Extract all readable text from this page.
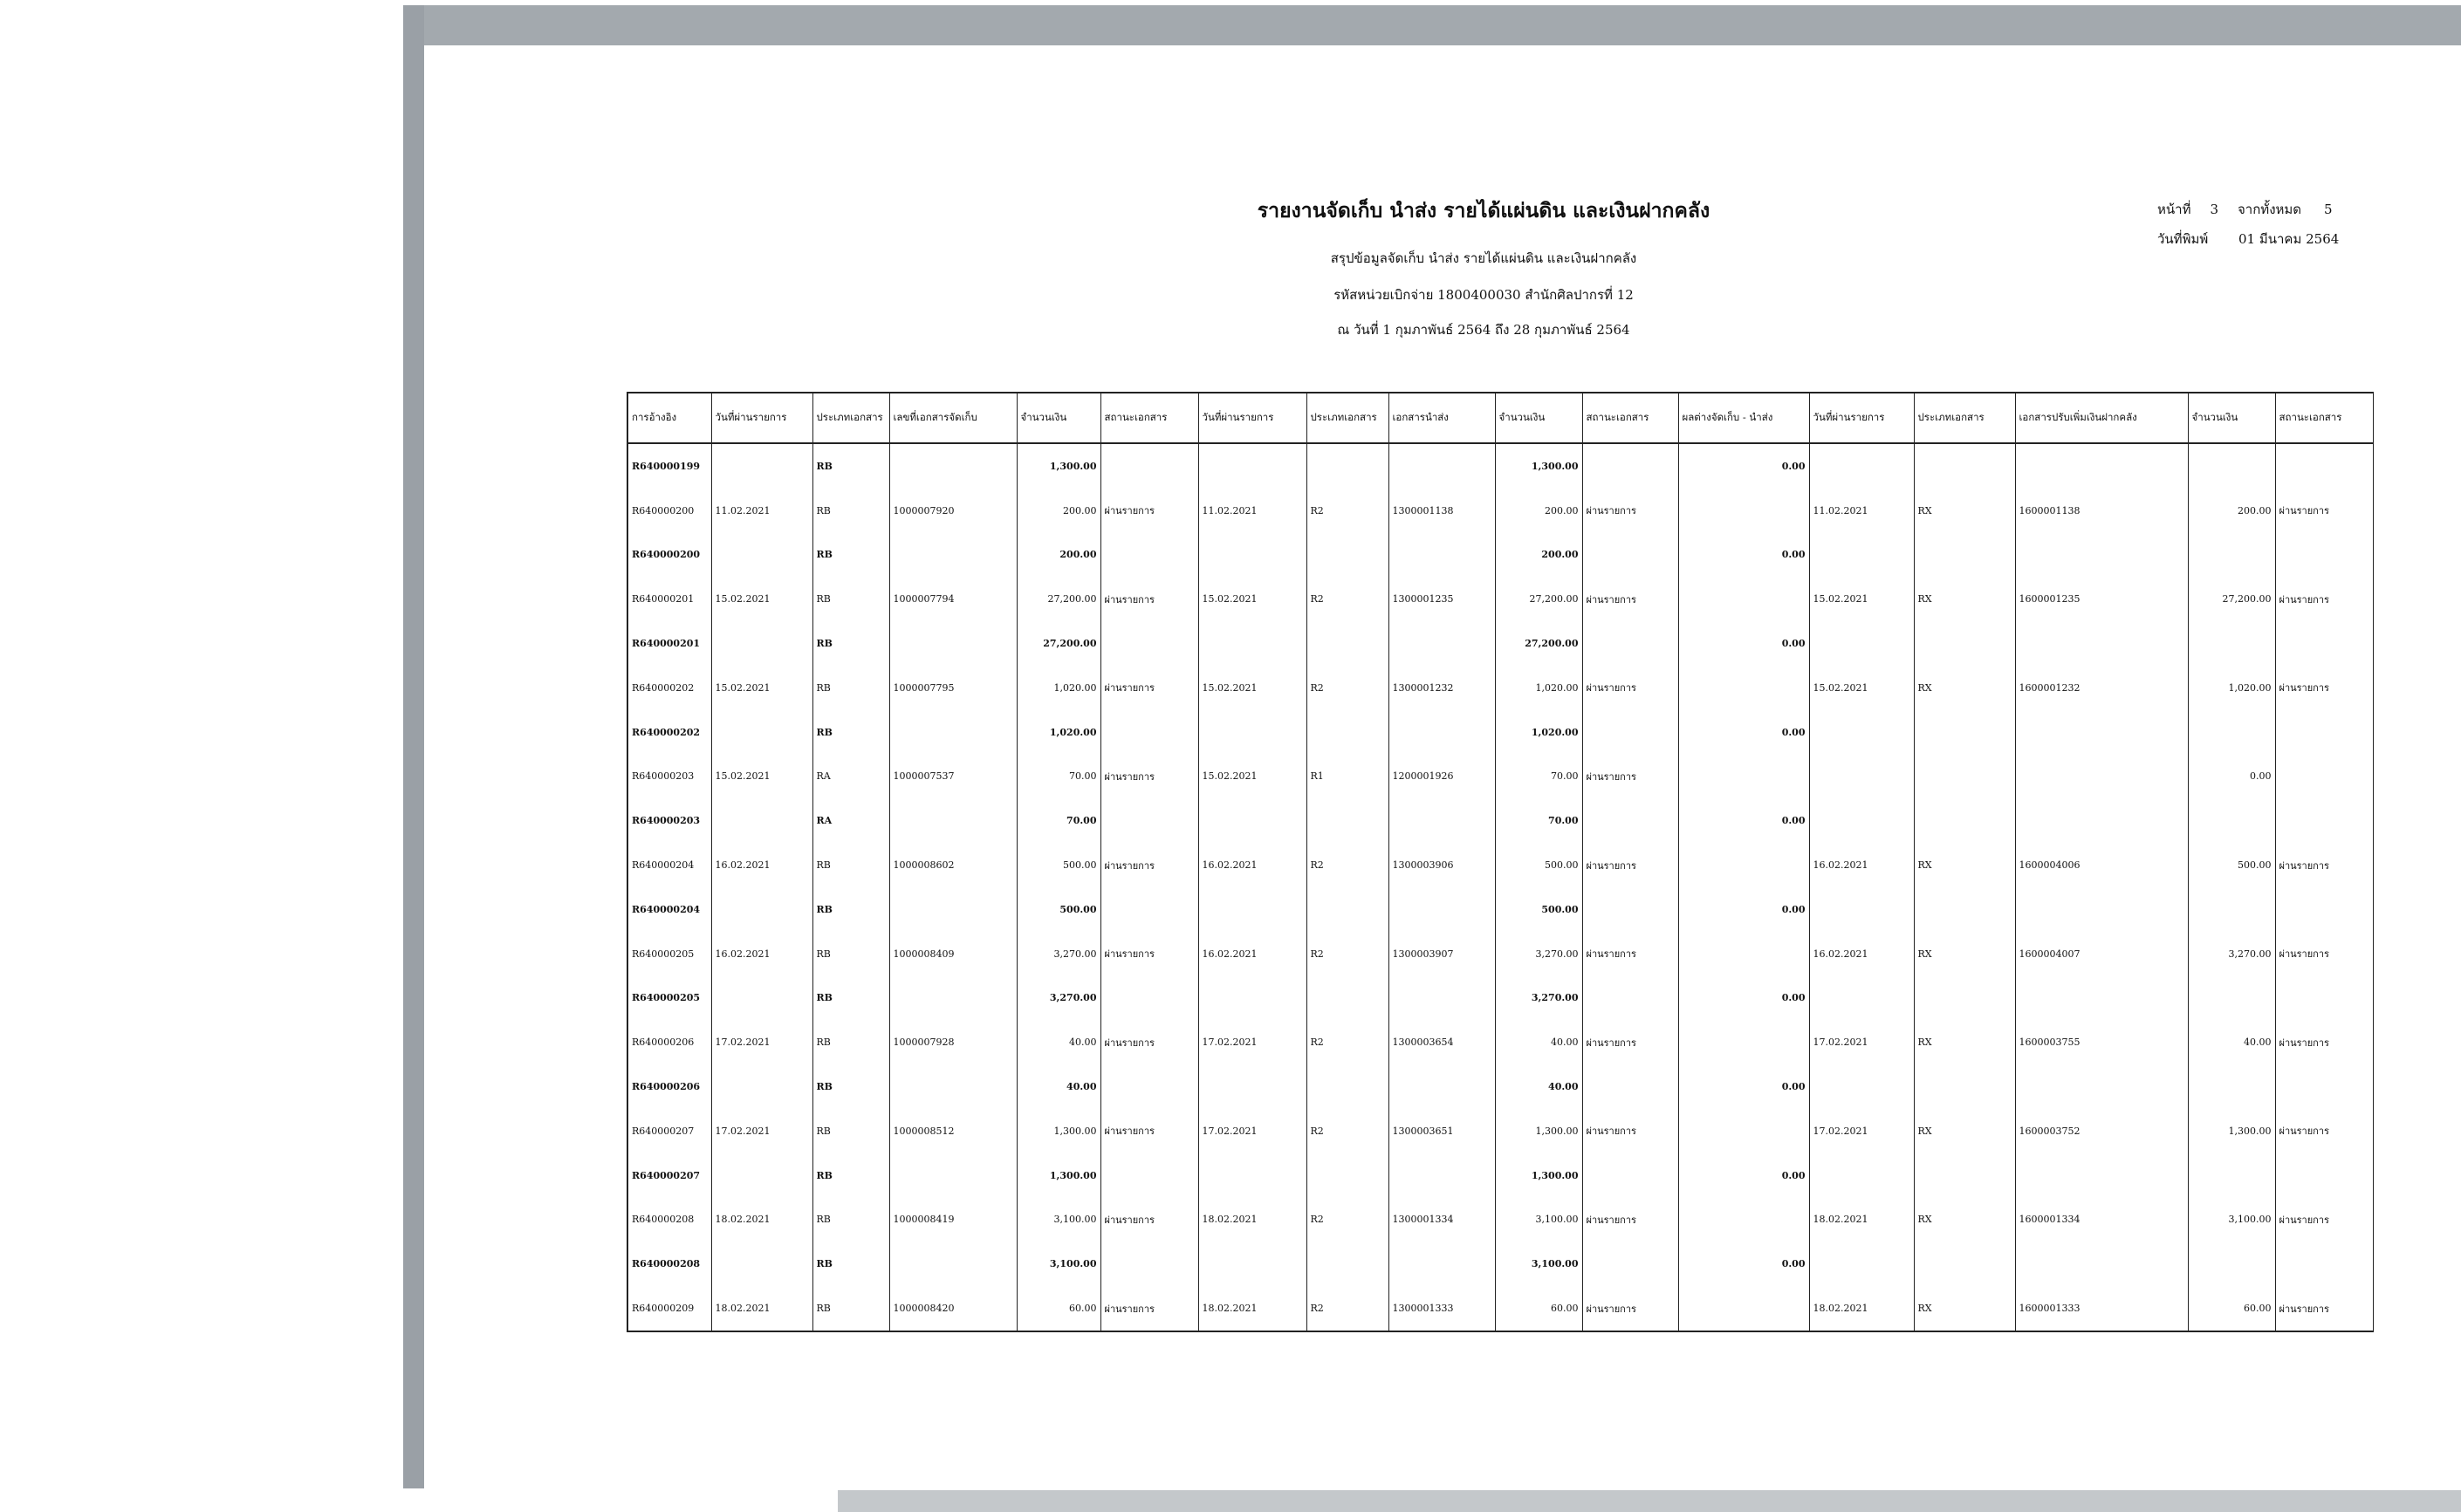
รายงานจัดเก็บ นำส่ง รายได้แผ่นดิน และเงินฝากคลัง
สรุปข้อมูลจัดเก็บ นำส่ง รายได้แผ่นดิน และเงินฝากคลัง
รหัสหน่วยเบิกจ่าย 1800400030 สำนักศิลปากรที่ 12
ณ วันที่ 1 กุมภาพันธ์ 2564 ถึง 28 กุมภาพันธ์ 2564
หน้าที่ 3 จากทั้งหมด 5
วันที่พิมพ์ 01 มีนาคม 2564
การอ้างอิง	วันที่ผ่านรายการ	ประเภทเอกสาร	เลขที่เอกสารจัดเก็บ	จำนวนเงิน	สถานะเอกสาร	วันที่ผ่านรายการ	ประเภทเอกสาร	เอกสารนำส่ง	จำนวนเงิน	สถานะเอกสาร	ผลต่างจัดเก็บ - นำส่ง	วันที่ผ่านรายการ	ประเภทเอกสาร	เอกสารปรับเพิ่มเงินฝากคลัง	จำนวนเงิน	สถานะเอกสาร
R640000199		RB		1,300.00					1,300.00		0.00					
R640000200	11.02.2021	RB	1000007920	200.00	ผ่านรายการ	11.02.2021	R2	1300001138	200.00	ผ่านรายการ		11.02.2021	RX	1600001138	200.00	ผ่านรายการ
R640000200		RB		200.00					200.00		0.00					
R640000201	15.02.2021	RB	1000007794	27,200.00	ผ่านรายการ	15.02.2021	R2	1300001235	27,200.00	ผ่านรายการ		15.02.2021	RX	1600001235	27,200.00	ผ่านรายการ
R640000201		RB		27,200.00					27,200.00		0.00					
R640000202	15.02.2021	RB	1000007795	1,020.00	ผ่านรายการ	15.02.2021	R2	1300001232	1,020.00	ผ่านรายการ		15.02.2021	RX	1600001232	1,020.00	ผ่านรายการ
R640000202		RB		1,020.00					1,020.00		0.00					
R640000203	15.02.2021	RA	1000007537	70.00	ผ่านรายการ	15.02.2021	R1	1200001926	70.00	ผ่านรายการ					0.00	
R640000203		RA		70.00					70.00		0.00					
R640000204	16.02.2021	RB	1000008602	500.00	ผ่านรายการ	16.02.2021	R2	1300003906	500.00	ผ่านรายการ		16.02.2021	RX	1600004006	500.00	ผ่านรายการ
R640000204		RB		500.00					500.00		0.00					
R640000205	16.02.2021	RB	1000008409	3,270.00	ผ่านรายการ	16.02.2021	R2	1300003907	3,270.00	ผ่านรายการ		16.02.2021	RX	1600004007	3,270.00	ผ่านรายการ
R640000205		RB		3,270.00					3,270.00		0.00					
R640000206	17.02.2021	RB	1000007928	40.00	ผ่านรายการ	17.02.2021	R2	1300003654	40.00	ผ่านรายการ		17.02.2021	RX	1600003755	40.00	ผ่านรายการ
R640000206		RB		40.00					40.00		0.00					
R640000207	17.02.2021	RB	1000008512	1,300.00	ผ่านรายการ	17.02.2021	R2	1300003651	1,300.00	ผ่านรายการ		17.02.2021	RX	1600003752	1,300.00	ผ่านรายการ
R640000207		RB		1,300.00					1,300.00		0.00					
R640000208	18.02.2021	RB	1000008419	3,100.00	ผ่านรายการ	18.02.2021	R2	1300001334	3,100.00	ผ่านรายการ		18.02.2021	RX	1600001334	3,100.00	ผ่านรายการ
R640000208		RB		3,100.00					3,100.00		0.00					
R640000209	18.02.2021	RB	1000008420	60.00	ผ่านรายการ	18.02.2021	R2	1300001333	60.00	ผ่านรายการ		18.02.2021	RX	1600001333	60.00	ผ่านรายการ
